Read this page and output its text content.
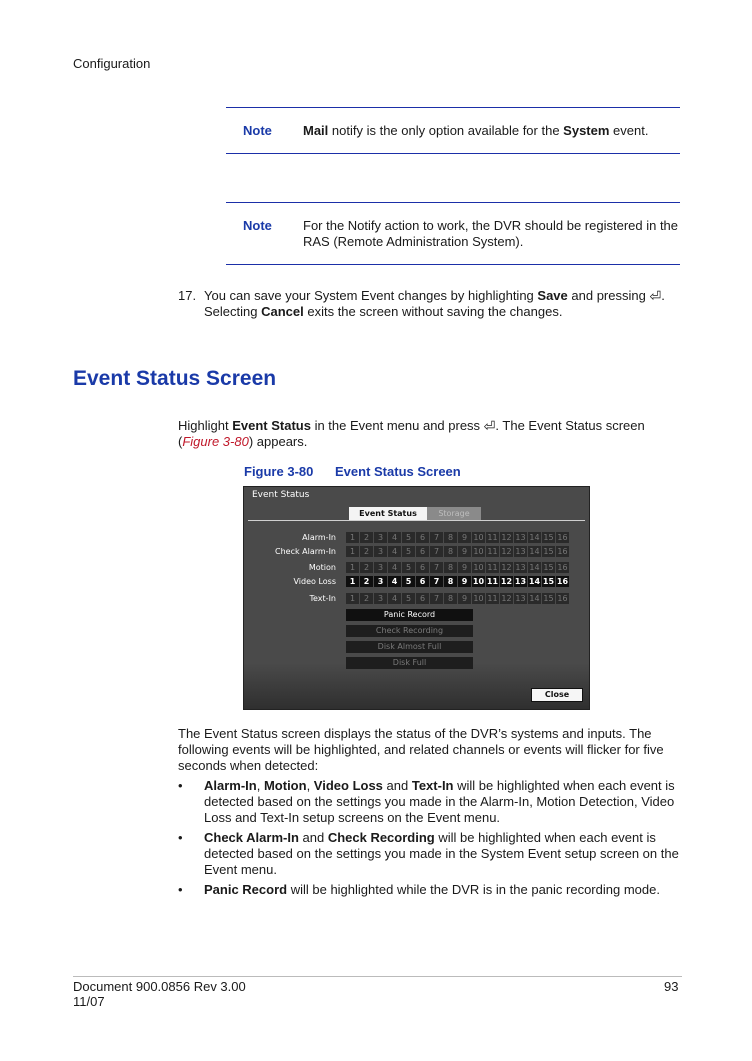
Configuration
Note Mail notify is the only option available for the System event.
Note For the Notify action to work, the DVR should be registered in the RAS (Remote Administration System).
17. You can save your System Event changes by highlighting Save and pressing ⏎. Selecting Cancel exits the screen without saving the changes.
Event Status Screen
Highlight Event Status in the Event menu and press ⏎. The Event Status screen (Figure 3-80) appears.
Figure 3-80 Event Status Screen
Event Status
Event Status	Storage
Alarm-In	1	2	3	4	5	6	7	8	9 10 11 12 13 14 15 16
Check Alarm-In	1	2	3	4	5	6	7	8	9 10 11 12 13 14 15 16
Motion	1	2	3	4	5	6	7	8	9 10 11 12 13 14 15 16
Video Loss	1	2	3	4	5	6	7	8	9 10 11 12 13 14 15 16
Text-In	1	2	3	4	5	6	7	8	9 10 11 12 13 14 15 16
Panic Record
Check Recording
Disk Almost Full
Disk Full
Close
The Event Status screen displays the status of the DVR’s systems and inputs. The following events will be highlighted, and related channels or events will flicker for five seconds when detected:
• Alarm-In, Motion, Video Loss and Text-In will be highlighted when each event is detected based on the settings you made in the Alarm-In, Motion Detection, Video Loss and Text-In setup screens on the Event menu.
• Check Alarm-In and Check Recording will be highlighted when each event is detected based on the settings you made in the System Event setup screen on the Event menu.
• Panic Record will be highlighted while the DVR is in the panic recording mode.
Document 900.0856 Rev 3.00
11/07
93
